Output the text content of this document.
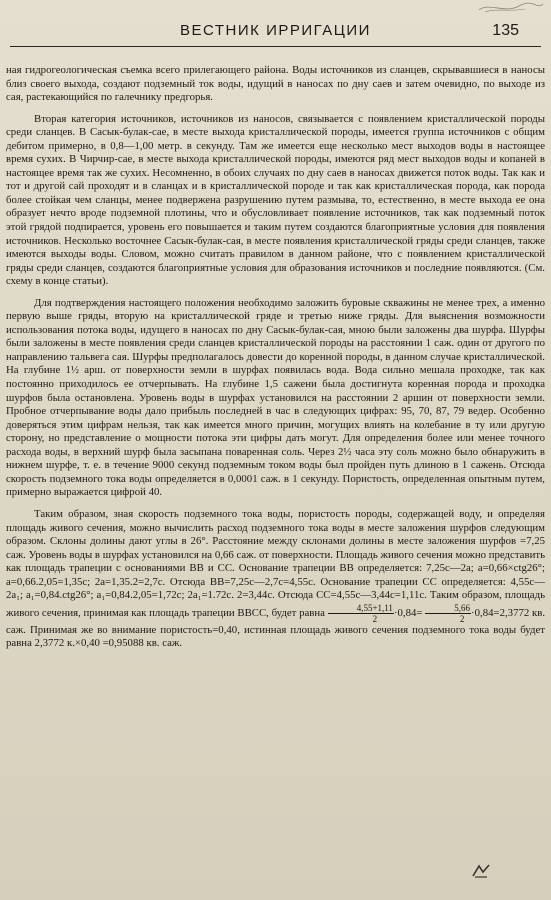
ВЕСТНИК ИРРИГАЦИИ	135

ная гидрогеологическая съемка всего прилегающего района. Воды источников из сланцев, скрывавшиеся в наносы близ своего выхода, создают подземный ток воды, идущий в наносах по дну саев и затем очевидно, по выходе из сая, растекающийся по галечнику предгорья.

Вторая категория источников, источников из наносов, связывается с появлением кристаллической породы среди сланцев. В Сасык-булак-сае, в месте выхода кристаллической породы, имеется группа источников с общим дебитом примерно, в 0,8—1,00 метр. в секунду. Там же имеется еще несколько мест выходов воды в настоящее время сухих. В Чирчир-сае, в месте выхода кристаллической породы, имеются ряд мест выходов воды и копаней в настоящее время так же сухих. Несомненно, в обоих случаях по дну саев в наносах движется поток воды. Так как и тот и другой сай проходят и в сланцах и в кристаллической породе и так как кристаллическая порода, как порода более стойкая чем сланцы, менее подвержена разрушению путем размыва, то, естественно, в месте выхода ее она образует нечто вроде подземной плотины, что и обусловливает появление источников, так как подземный поток этой грядой подпирается, уровень его повышается и таким путем создаются благоприятные условия для появления источников. Несколько восточнее Сасык-булак-сая, в месте появления кристаллической гряды среди сланцев, также имеются выходы воды. Словом, можно считать правилом в данном районе, что с появлением кристаллической гряды среди сланцев, создаются благоприятные условия для образования источников и последние появляются. (См. схему в конце статьи).

Для подтверждения настоящего положения необходимо заложить буровые скважины не менее трех, а именно первую выше гряды, вторую на кристаллической гряде и третью ниже гряды. Для выяснения возможности использования потока воды, идущего в наносах по дну Сасык-булак-сая, мною были заложены два шурфа. Шурфы были заложены в месте появления среди сланцев кристаллической породы на расстоянии 1 саж. один от другого по направлению тальвега сая. Шурфы предполагалось довести до коренной породы, в данном случае кристаллической. На глубине 1½ арш. от поверхности земли в шурфах появилась вода. Вода сильно мешала проходке, так как постоянно приходилось ее отчерпывать. На глубине 1,5 сажени была достигнута коренная порода и проходка шурфов была остановлена. Уровень воды в шурфах установился на расстоянии 2 аршин от поверхности земли. Пробное отчерпывание воды дало прибыль последней в час в следующих цифрах: 95, 70, 87, 79 ведер. Особенно доверяться этим цифрам нельзя, так как имеется много причин, могущих влиять на колебание в ту или другую сторону, но представление о мощности потока эти цифры дать могут. Для определения более или менее точного расхода воды, в верхний шурф была засыпана поваренная соль. Через 2½ часа эту соль можно было обнаружить в нижнем шурфе, т. е. в течение 9000 секунд подземным током воды был пройден путь длиною в 1 сажень. Отсюда скорость подземного тока воды определяется в 0,0001 саж. в 1 секунду. Пористость, определенная опытным путем, примерно выражается цифрой 40.

Таким образом, зная скорость подземного тока воды, пористость породы, содержащей воду, и определяя площадь живого сечения, можно вычислить расход подземного тока воды в месте заложения шурфов следующим образом. Склоны долины дают углы в 26°. Расстояние между склонами долины в месте заложения шурфов =7,25 саж. Уровень воды в шурфах установился на 0,66 саж. от поверхности. Площадь живого сечения можно представить как площадь трапеции с основаниями ВВ и СС. Основание трапеции ВВ определяется: 7,25с—2а; а=0,66×ctg26°; а=0,66.2,05=1,35с; 2а=1,35.2=2,7с. Отсюда ВВ=7,25с—2,7с=4,55с. Основание трапеции СС определяется: 4,55с—2а₁; а₁=0,84.ctg26°; а₁=0,84.2,05=1,72с; 2а₁=1.72с. 2=3,44с. Отсюда СС=4,55с—3,44с=1,11с. Таким образом, площадь живого сечения, принимая как площадь трапеции ВВСС, будет равна $\frac{4,55+1,11}{2} \cdot 0,84= \frac{5,66}{2} \cdot 0,84=2,3772$ кв. саж. Принимая же во внимание пористость=0,40, истинная площадь живого сечения подземного тока воды будет равна 2,3772 к.×0,40 =0,95088 кв. саж.
